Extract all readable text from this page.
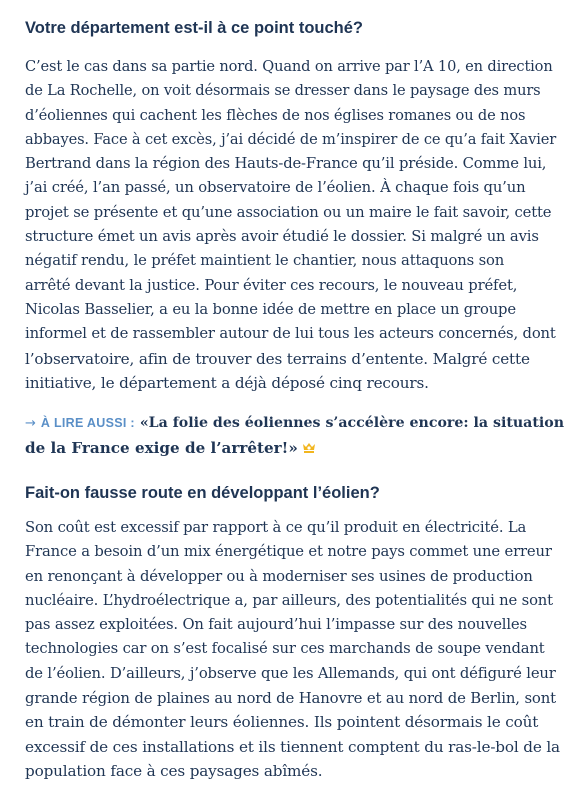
Votre département est-il à ce point touché?

C’est le cas dans sa partie nord. Quand on arrive par l’A 10, en direction
de La Rochelle, on voit désormais se dresser dans le paysage des murs
d’éoliennes qui cachent les flèches de nos églises romanes ou de nos
abbayes. Face à cet excès, j’ai décidé de m’inspirer de ce qu’a fait Xavier
Bertrand dans la région des Hauts-de-France qu’il préside. Comme lui,
j’ai créé, l’an passé, un observatoire de l’éolien. À chaque fois qu’un
projet se présente et qu’une association ou un maire le fait savoir, cette
structure émet un avis après avoir étudié le dossier. Si malgré un avis
négatif rendu, le préfet maintient le chantier, nous attaquons son
arrêté devant la justice. Pour éviter ces recours, le nouveau préfet,
Nicolas Basselier, a eu la bonne idée de mettre en place un groupe
informel et de rassembler autour de lui tous les acteurs concernés, dont
l’observatoire, afin de trouver des terrains d’entente. Malgré cette
initiative, le département a déjà déposé cinq recours.

→ À LIRE AUSSI : «La folie des éoliennes s’accélère encore: la situation
de la France exige de l’arrêter!»

Fait-on fausse route en développant l’éolien?

Son coût est excessif par rapport à ce qu’il produit en électricité. La
France a besoin d’un mix énergétique et notre pays commet une erreur
en renonçant à développer ou à moderniser ses usines de production
nucléaire. L’hydroélectrique a, par ailleurs, des potentialités qui ne sont
pas assez exploitées. On fait aujourd’hui l’impasse sur des nouvelles
technologies car on s’est focalisé sur ces marchands de soupe vendant
de l’éolien. D’ailleurs, j’observe que les Allemands, qui ont défiguré leur
grande région de plaines au nord de Hanovre et au nord de Berlin, sont
en train de démonter leurs éoliennes. Ils pointent désormais le coût
excessif de ces installations et ils tiennent comptent du ras-le-bol de la
population face à ces paysages abîmés.
